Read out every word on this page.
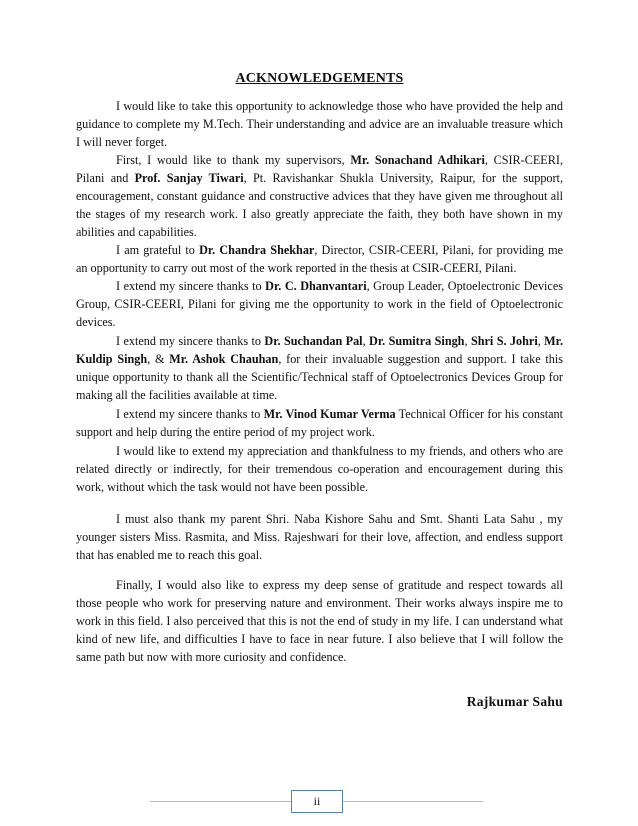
ACKNOWLEDGEMENTS

I would like to take this opportunity to acknowledge those who have provided the help and guidance to complete my M.Tech. Their understanding and advice are an invaluable treasure which I will never forget.

First, I would like to thank my supervisors, Mr. Sonachand Adhikari, CSIR-CEERI, Pilani and Prof. Sanjay Tiwari, Pt. Ravishankar Shukla University, Raipur, for the support, encouragement, constant guidance and constructive advices that they have given me throughout all the stages of my research work. I also greatly appreciate the faith, they both have shown in my abilities and capabilities.

I am grateful to Dr. Chandra Shekhar, Director, CSIR-CEERI, Pilani, for providing me an opportunity to carry out most of the work reported in the thesis at CSIR-CEERI, Pilani.

I extend my sincere thanks to Dr. C. Dhanvantari, Group Leader, Optoelectronic Devices Group, CSIR-CEERI, Pilani for giving me the opportunity to work in the field of Optoelectronic devices.

I extend my sincere thanks to Dr. Suchandan Pal, Dr. Sumitra Singh, Shri S. Johri, Mr. Kuldip Singh, & Mr. Ashok Chauhan, for their invaluable suggestion and support. I take this unique opportunity to thank all the Scientific/Technical staff of Optoelectronics Devices Group for making all the facilities available at time.

I extend my sincere thanks to Mr. Vinod Kumar Verma Technical Officer for his constant support and help during the entire period of my project work.

I would like to extend my appreciation and thankfulness to my friends, and others who are related directly or indirectly, for their tremendous co-operation and encouragement during this work, without which the task would not have been possible.

I must also thank my parent Shri. Naba Kishore Sahu and Smt. Shanti Lata Sahu , my younger sisters Miss. Rasmita, and Miss. Rajeshwari for their love, affection, and endless support that has enabled me to reach this goal.

Finally, I would also like to express my deep sense of gratitude and respect towards all those people who work for preserving nature and environment. Their works always inspire me to work in this field. I also perceived that this is not the end of study in my life. I can understand what kind of new life, and difficulties I have to face in near future. I also believe that I will follow the same path but now with more curiosity and confidence.

Rajkumar Sahu
ii
